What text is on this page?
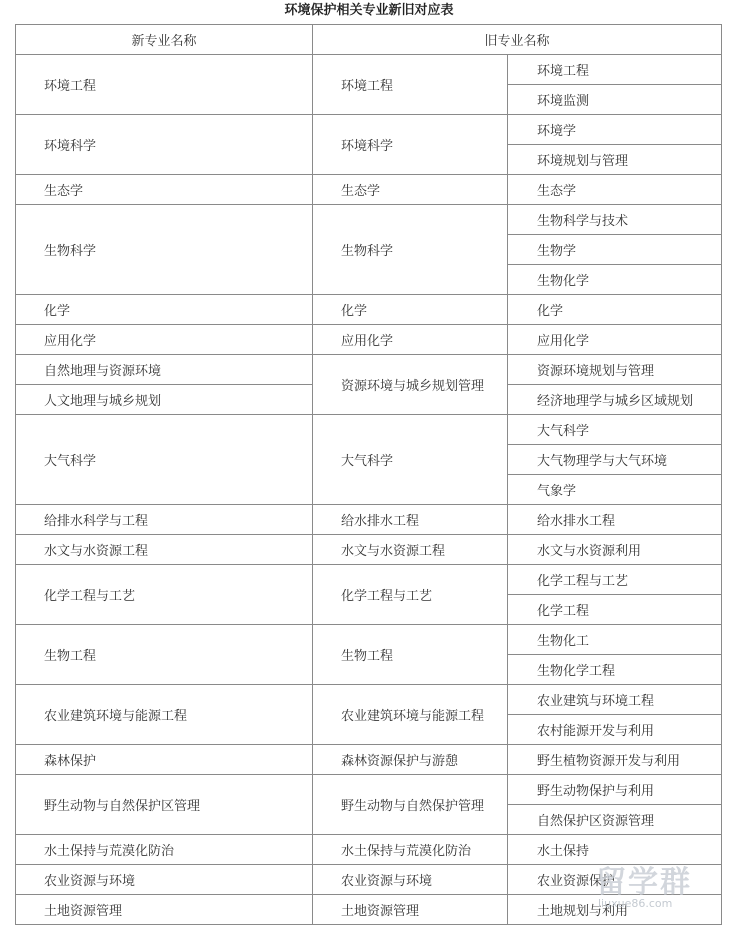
环境保护相关专业新旧对应表
新专业名称	旧专业名称	
环境工程	环境工程	环境工程
		环境监测
环境科学	环境科学	环境学
		环境规划与管理
生态学	生态学	生态学
生物科学	生物科学	生物科学与技术
		生物学
		生物化学
化学	化学	化学
应用化学	应用化学	应用化学
自然地理与资源环境	资源环境与城乡规划管理	资源环境规划与管理
人文地理与城乡规划		经济地理学与城乡区域规划
大气科学	大气科学	大气科学
		大气物理学与大气环境
		气象学
给排水科学与工程	给水排水工程	给水排水工程
水文与水资源工程	水文与水资源工程	水文与水资源利用
化学工程与工艺	化学工程与工艺	化学工程与工艺
		化学工程
生物工程	生物工程	生物化工
		生物化学工程
农业建筑环境与能源工程	农业建筑环境与能源工程	农业建筑与环境工程
		农村能源开发与利用
森林保护	森林资源保护与游憩	野生植物资源开发与利用
野生动物与自然保护区管理	野生动物与自然保护管理	野生动物保护与利用
		自然保护区资源管理
水土保持与荒漠化防治	水土保持与荒漠化防治	水土保持
农业资源与环境	农业资源与环境	农业资源保护
土地资源管理	土地资源管理	土地规划与利用
留学群
liuxue86.com
